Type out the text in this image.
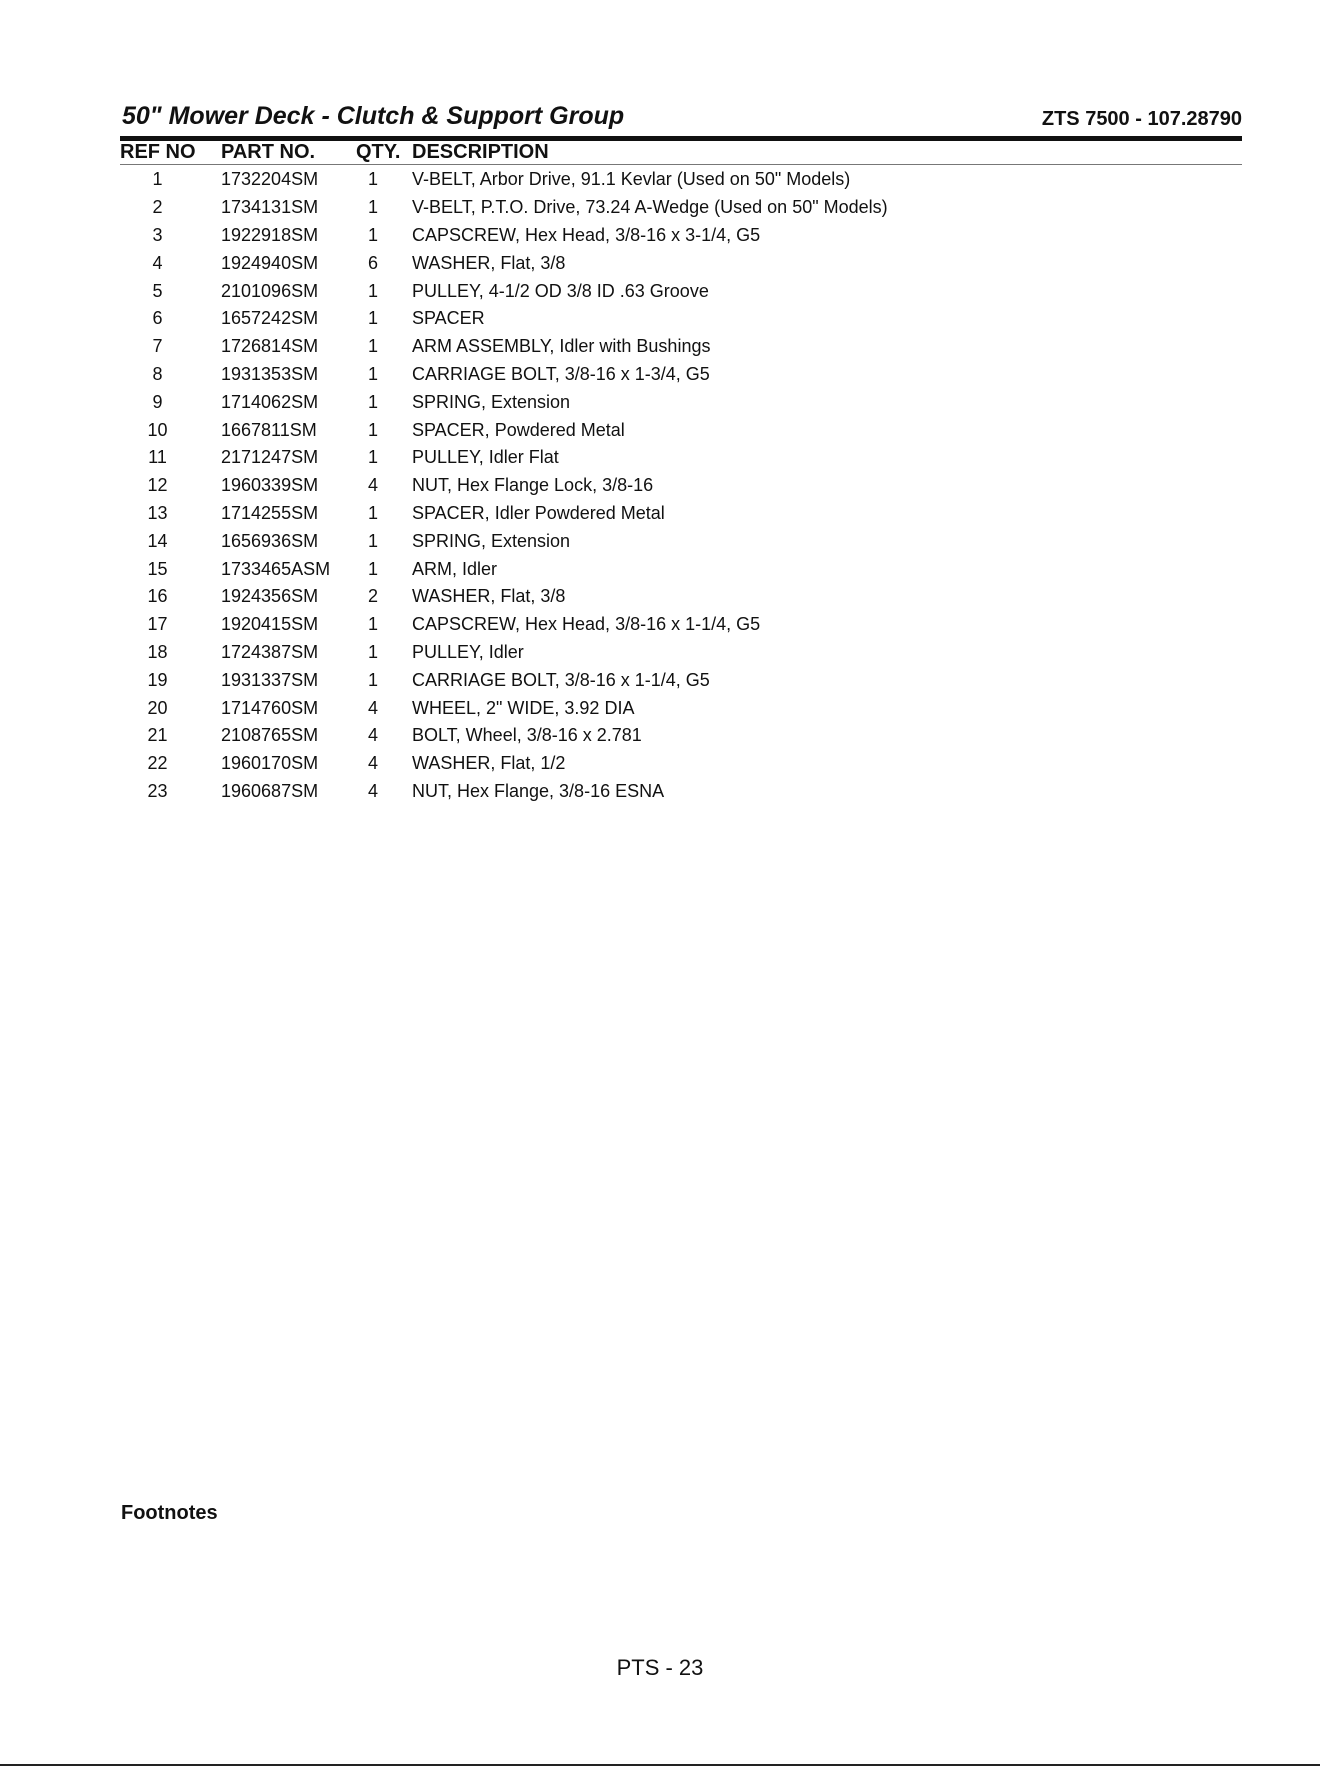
50" Mower Deck - Clutch & Support Group	ZTS 7500 - 107.28790
REF NO	PART NO.	QTY.	DESCRIPTION
1	1732204SM	1	V-BELT, Arbor Drive, 91.1 Kevlar (Used on 50" Models)
2	1734131SM	1	V-BELT, P.T.O. Drive, 73.24 A-Wedge (Used on 50" Models)
3	1922918SM	1	CAPSCREW, Hex Head, 3/8-16 x 3-1/4, G5
4	1924940SM	6	WASHER, Flat, 3/8
5	2101096SM	1	PULLEY, 4-1/2 OD 3/8 ID .63 Groove
6	1657242SM	1	SPACER
7	1726814SM	1	ARM ASSEMBLY, Idler with Bushings
8	1931353SM	1	CARRIAGE BOLT, 3/8-16 x 1-3/4, G5
9	1714062SM	1	SPRING, Extension
10	1667811SM	1	SPACER, Powdered Metal
11	2171247SM	1	PULLEY, Idler Flat
12	1960339SM	4	NUT, Hex Flange Lock, 3/8-16
13	1714255SM	1	SPACER, Idler Powdered Metal
14	1656936SM	1	SPRING, Extension
15	1733465ASM	1	ARM, Idler
16	1924356SM	2	WASHER, Flat, 3/8
17	1920415SM	1	CAPSCREW, Hex Head, 3/8-16 x 1-1/4, G5
18	1724387SM	1	PULLEY, Idler
19	1931337SM	1	CARRIAGE BOLT, 3/8-16 x 1-1/4, G5
20	1714760SM	4	WHEEL, 2" WIDE, 3.92 DIA
21	2108765SM	4	BOLT, Wheel, 3/8-16 x 2.781
22	1960170SM	4	WASHER, Flat, 1/2
23	1960687SM	4	NUT, Hex Flange, 3/8-16 ESNA
Footnotes
PTS - 23
